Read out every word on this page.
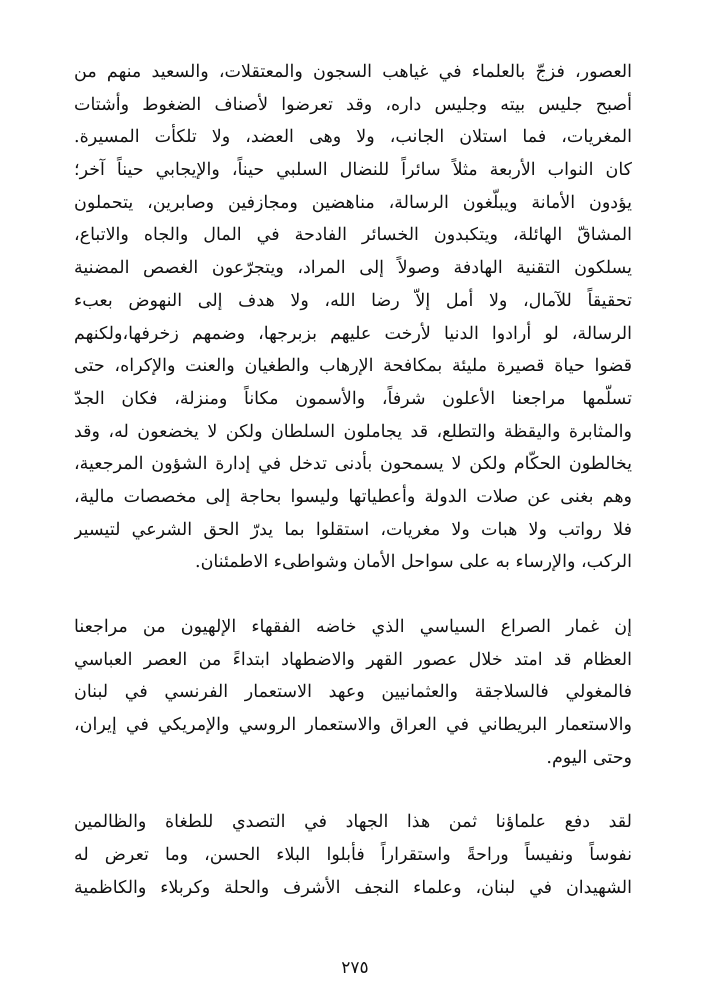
العصور، فزجّ بالعلماء في غياهب السجون والمعتقلات، والسعيد منهم من
أصبح جليس بيته وجليس داره، وقد تعرضوا لأصناف الضغوط وأشتات
المغريات، فما استلان الجانب، ولا وهى العضد، ولا تلكأت المسيرة.
كان النواب الأربعة مثلاً سائراً للنضال السلبي حيناً، والإيجابي حيناً آخر؛
يؤدون الأمانة ويبلّغون الرسالة، مناهضين ومجازفين وصابرين، يتحملون
المشاقّ الهائلة، ويتكبدون الخسائر الفادحة في المال والجاه والاتباع،
يسلكون التقنية الهادفة وصولاً إلى المراد، ويتجرّعون الغصص المضنية
تحقيقاً للآمال، ولا أمل إلاّ رضا الله، ولا هدف إلى النهوض بعبء
الرسالة، لو أرادوا الدنيا لأرخت عليهم بزبرجها، وضمهم زخرفها،ولكنهم
قضوا حياة قصيرة مليئة بمكافحة الإرهاب والطغيان والعنت والإكراه، حتى
تسلّمها مراجعنا الأعلون شرفاً، والأسمون مكاناً ومنزلة، فكان الجدّ
والمثابرة واليقظة والتطلع، قد يجاملون السلطان ولكن لا يخضعون له، وقد
يخالطون الحكّام ولكن لا يسمحون بأدنى تدخل في إدارة الشؤون المرجعية،
وهم بغنى عن صلات الدولة وأعطياتها وليسوا بحاجة إلى مخصصات مالية،
فلا رواتب ولا هبات ولا مغريات، استقلوا بما يدرّ الحق الشرعي لتيسير
الركب، والإرساء به على سواحل الأمان وشواطىء الاطمئنان.
إن غمار الصراع السياسي الذي خاضه الفقهاء الإلهيون من مراجعنا
العظام قد امتد خلال عصور القهر والاضطهاد ابتداءً من العصر العباسي
فالمغولي فالسلاجقة والعثمانيين وعهد الاستعمار الفرنسي في لبنان
والاستعمار البريطاني في العراق والاستعمار الروسي والإمريكي في إيران،
وحتى اليوم.
لقد دفع علماؤنا ثمن هذا الجهاد في التصدي للطغاة والظالمين
نفوساً ونفيساً وراحةً واستقراراً فأبلوا البلاء الحسن، وما تعرض له
الشهيدان في لبنان، وعلماء النجف الأشرف والحلة وكربلاء والكاظمية
٢٧٥
